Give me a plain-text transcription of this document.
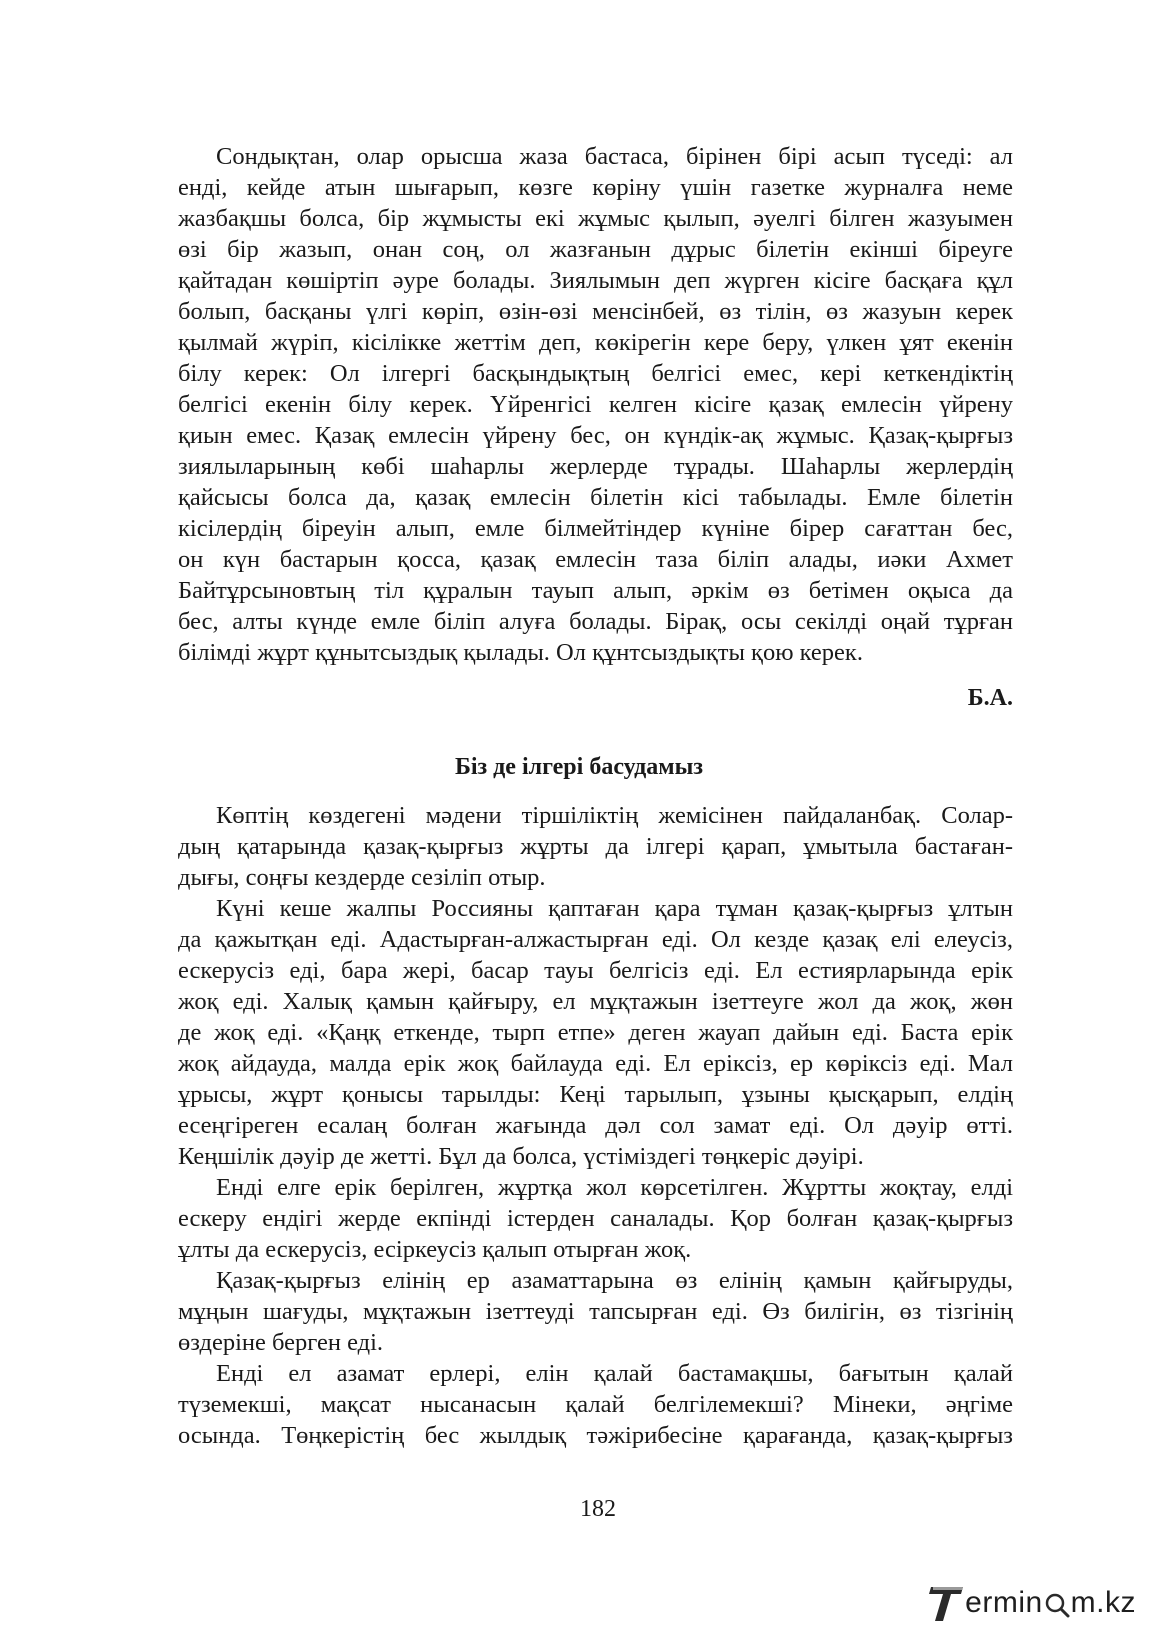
Сондықтан, олар орысша жаза бастаса, бірінен бірі асып түседі: ал
енді, кейде атын шығарып, көзге көріну үшін газетке журналға неме
жазбақшы болса, бір жұмысты екі жұмыс қылып, әуелгі білген жазуымен
өзі бір жазып, онан соң, ол жазғанын дұрыс білетін екінші біреуге
қайтадан көшіртіп әуре болады. Зиялымын деп жүрген кісіге басқаға құл
болып, басқаны үлгі көріп, өзін-өзі менсінбей, өз тілін, өз жазуын керек
қылмай жүріп, кісілікке жеттім деп, көкірегін кере беру, үлкен ұят екенін
білу керек: Ол ілгергі басқындықтың белгісі емес, кері кеткендіктің
белгісі екенін білу керек. Үйренгісі келген кісіге қазақ емлесін үйрену
қиын емес. Қазақ емлесін үйрену бес, он күндік-ақ жұмыс. Қазақ-қырғыз
зиялыларының көбі шаһарлы жерлерде тұрады. Шаһарлы жерлердің
қайсысы болса да, қазақ емлесін білетін кісі табылады. Емле білетін
кісілердің біреуін алып, емле білмейтіндер күніне бірер сағаттан бес,
он күн бастарын қосса, қазақ емлесін таза біліп алады, иәки Ахмет
Байтұрсыновтың тіл құралын тауып алып, әркім өз бетімен оқыса да
бес, алты күнде емле біліп алуға болады. Бірақ, осы секілді оңай тұрған
білімді жұрт құнытсыздық қылады. Ол құнтсыздықты қою керек.
Б.А.
Біз де ілгері басудамыз
Көптің көздегені мәдени тіршіліктің жемісінен пайдаланбақ. Солар-
дың қатарында қазақ-қырғыз жұрты да ілгері қарап, ұмытыла бастаған-
дығы, соңғы кездерде сезіліп отыр.
Күні кеше жалпы Россияны қаптаған қара тұман қазақ-қырғыз ұлтын
да қажытқан еді. Адастырған-алжастырған еді. Ол кезде қазақ елі елеусіз,
ескерусіз еді, бара жері, басар тауы белгісіз еді. Ел естиярларында ерік
жоқ еді. Халық қамын қайғыру, ел мұқтажын ізеттеуге жол да жоқ, жөн
де жоқ еді. «Қаңқ еткенде, тырп етпе» деген жауап дайын еді. Баста ерік
жоқ айдауда, малда ерік жоқ байлауда еді. Ел еріксіз, ер көріксіз еді. Мал
ұрысы, жұрт қонысы тарылды: Кеңі тарылып, ұзыны қысқарып, елдің
есеңгіреген есалаң болған жағында дәл сол замат еді. Ол дәуір өтті.
Кеңшілік дәуір де жетті. Бұл да болса, үстіміздегі төңкеріс дәуірі.
Енді елге ерік берілген, жұртқа жол көрсетілген. Жұртты жоқтау, елді
ескеру ендігі жерде екпінді істерден саналады. Қор болған қазақ-қырғыз
ұлты да ескерусіз, есіркеусіз қалып отырған жоқ.
Қазақ-қырғыз елінің ер азаматтарына өз елінің қамын қайғыруды,
мұңын шағуды, мұқтажын ізеттеуді тапсырған еді. Өз билігін, өз тізгінің
өздеріне берген еді.
Енді ел азамат ерлері, елін қалай бастамақшы, бағытын қалай
түземекші, мақсат нысанасын қалай белгілемекші? Мінеки, әңгіме
осында. Төңкерістің бес жылдық тәжірибесіне қарағанда, қазақ-қырғыз
182
ermin m.kz
